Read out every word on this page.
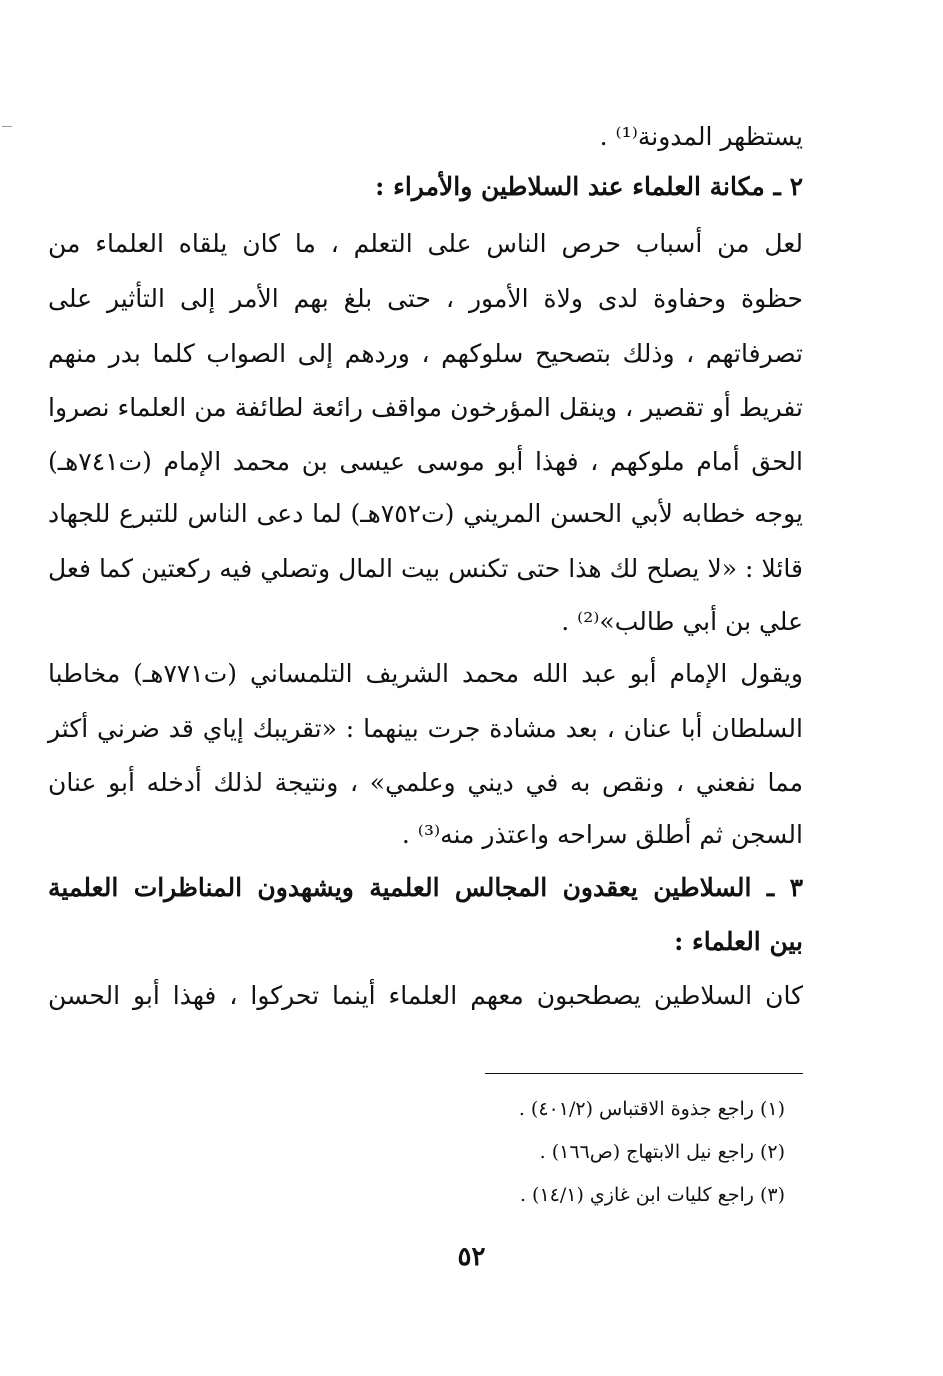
يستظهر المدونة⁽¹⁾ .
٢ ـ مكانة العلماء عند السلاطين والأمراء :
لعل من أسباب حرص الناس على التعلم ، ما كان يلقاه العلماء من
حظوة وحفاوة لدى ولاة الأمور ، حتى بلغ بهم الأمر إلى التأثير على
تصرفاتهم ، وذلك بتصحيح سلوكهم ، وردهم إلى الصواب كلما بدر منهم
تفريط أو تقصير ، وينقل المؤرخون مواقف رائعة لطائفة من العلماء نصروا
الحق أمام ملوكهم ، فهذا أبو موسى عيسى بن محمد الإمام (ت٧٤١هـ)
يوجه خطابه لأبي الحسن المريني (ت٧٥٢هـ) لما دعى الناس للتبرع للجهاد
قائلا : «لا يصلح لك هذا حتى تكنس بيت المال وتصلي فيه ركعتين كما فعل
علي بن أبي طالب»⁽²⁾ .
ويقول الإمام أبو عبد الله محمد الشريف التلمساني (ت٧٧١هـ) مخاطبا
السلطان أبا عنان ، بعد مشادة جرت بينهما : «تقريبك إياي قد ضرني أكثر
مما نفعني ، ونقص به في ديني وعلمي» ، ونتيجة لذلك أدخله أبو عنان
السجن ثم أطلق سراحه واعتذر منه⁽³⁾ .
٣ ـ السلاطين يعقدون المجالس العلمية ويشهدون المناظرات العلمية
بين العلماء :
كان السلاطين يصطحبون معهم العلماء أينما تحركوا ، فهذا أبو الحسن
(١) راجع جذوة الاقتباس (٤٠١/٢) .
(٢) راجع نيل الابتهاج (ص١٦٦) .
(٣) راجع كليات ابن غازي (١٤/١) .
٥٢
